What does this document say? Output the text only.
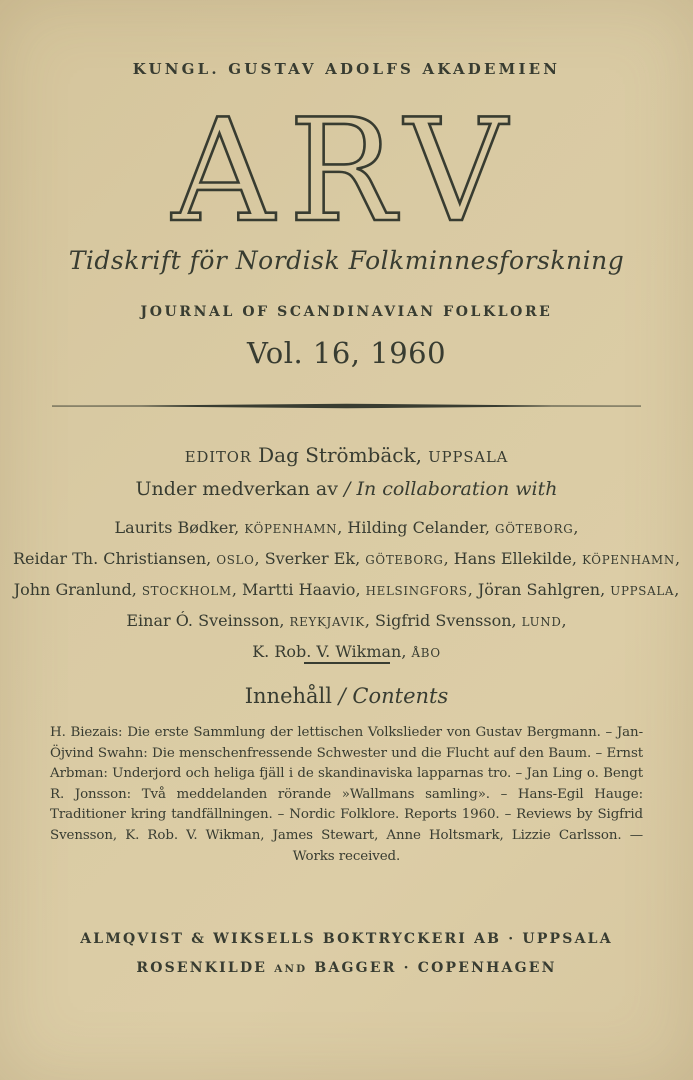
KUNGL. GUSTAV ADOLFS AKADEMIEN
ARV
Tidskrift för Nordisk Folkminnesforskning
JOURNAL OF SCANDINAVIAN FOLKLORE
Vol. 16, 1960
EDITOR Dag Strömbäck, UPPSALA
Under medverkan av / In collaboration with
Laurits Bødker, KÖPENHAMN, Hilding Celander, GÖTEBORG,
Reidar Th. Christiansen, OSLO, Sverker Ek, GÖTEBORG, Hans Ellekilde, KÖPENHAMN,
John Granlund, STOCKHOLM, Martti Haavio, HELSINGFORS, Jöran Sahlgren, UPPSALA,
Einar Ó. Sveinsson, REYKJAVIK, Sigfrid Svensson, LUND,
K. Rob. V. Wikman, ÅBO
Innehåll / Contents
H. Biezais: Die erste Sammlung der lettischen Volkslieder von Gustav Bergmann. – Jan-Öjvind Swahn: Die menschenfressende Schwester und die Flucht auf den Baum. – Ernst Arbman: Underjord och heliga fjäll i de skandinaviska lapparnas tro. – Jan Ling o. Bengt R. Jonsson: Två meddelanden rörande »Wallmans samling». – Hans-Egil Hauge: Traditioner kring tandfällningen. – Nordic Folklore. Reports 1960. – Reviews by Sigfrid Svensson, K. Rob. V. Wikman, James Stewart, Anne Holtsmark, Lizzie Carlsson. — Works received.
ALMQVIST & WIKSELLS BOKTRYCKERI AB · UPPSALA
ROSENKILDE AND BAGGER · COPENHAGEN
